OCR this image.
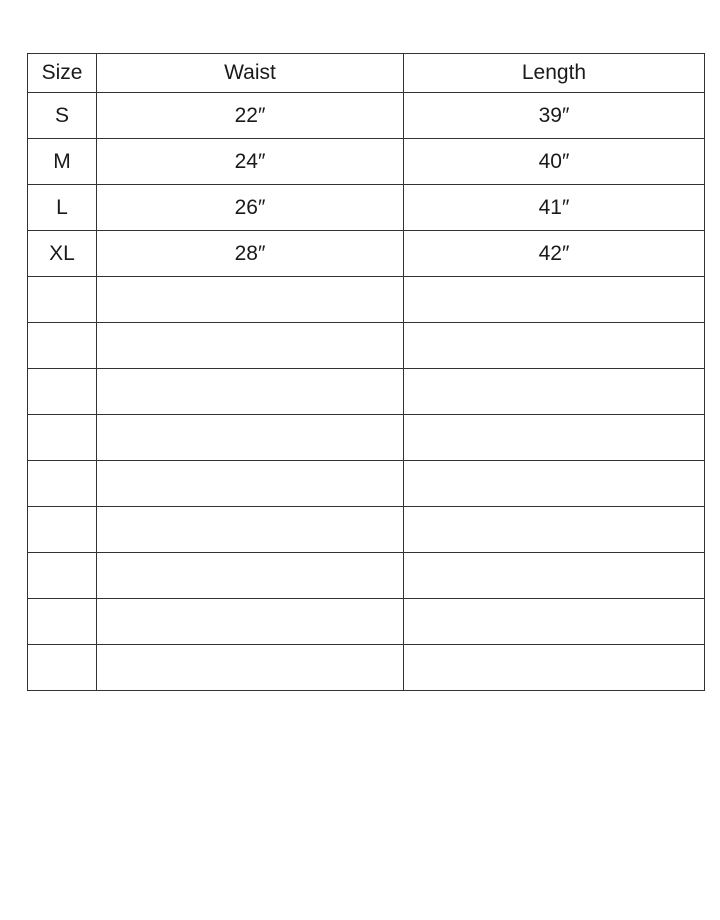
Size	Waist	Length
S	22″	39″
M	24″	40″
L	26″	41″
XL	28″	42″
